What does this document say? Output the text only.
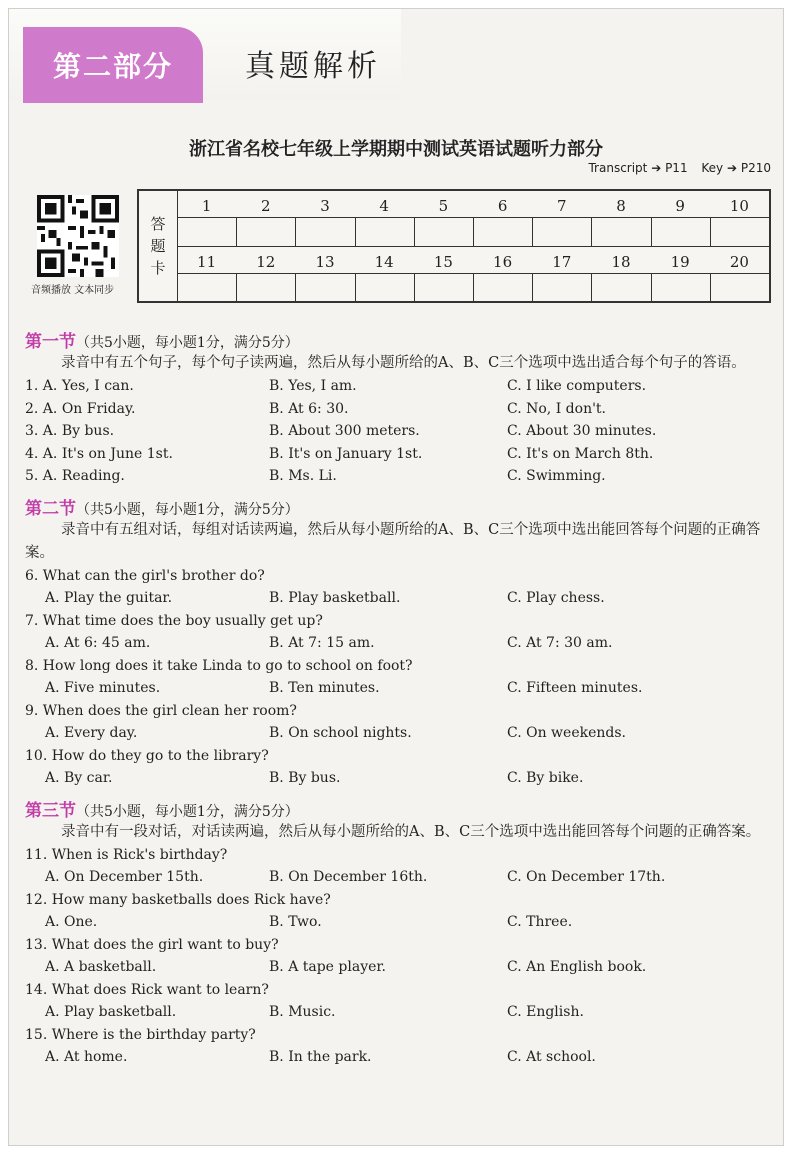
第二部分	真题解析
浙江省名校七年级上学期期中测试英语试题听力部分
Transcript ➔ P11 Key ➔ P210
音频播放 文本同步
答
题
卡
1	2	3	4	5	6	7	8	9	10
11	12	13	14	15	16	17	18	19	20
第一节（共5小题，每小题1分，满分5分）
录音中有五个句子，每个句子读两遍，然后从每小题所给的A、B、C三个选项中选出适合每个句子的答语。
1. A. Yes, I can.	B. Yes, I am.	C. I like computers.
2. A. On Friday.	B. At 6: 30.	C. No, I don't.
3. A. By bus.	B. About 300 meters.	C. About 30 minutes.
4. A. It's on June 1st.	B. It's on January 1st.	C. It's on March 8th.
5. A. Reading.	B. Ms. Li.	C. Swimming.
第二节（共5小题，每小题1分，满分5分）
录音中有五组对话，每组对话读两遍，然后从每小题所给的A、B、C三个选项中选出能回答每个问题的正确答案。
6. What can the girl's brother do?
A. Play the guitar.	B. Play basketball.	C. Play chess.
7. What time does the boy usually get up?
A. At 6: 45 am.	B. At 7: 15 am.	C. At 7: 30 am.
8. How long does it take Linda to go to school on foot?
A. Five minutes.	B. Ten minutes.	C. Fifteen minutes.
9. When does the girl clean her room?
A. Every day.	B. On school nights.	C. On weekends.
10. How do they go to the library?
A. By car.	B. By bus.	C. By bike.
第三节（共5小题，每小题1分，满分5分）
录音中有一段对话，对话读两遍，然后从每小题所给的A、B、C三个选项中选出能回答每个问题的正确答案。
11. When is Rick's birthday?
A. On December 15th.	B. On December 16th.	C. On December 17th.
12. How many basketballs does Rick have?
A. One.	B. Two.	C. Three.
13. What does the girl want to buy?
A. A basketball.	B. A tape player.	C. An English book.
14. What does Rick want to learn?
A. Play basketball.	B. Music.	C. English.
15. Where is the birthday party?
A. At home.	B. In the park.	C. At school.
